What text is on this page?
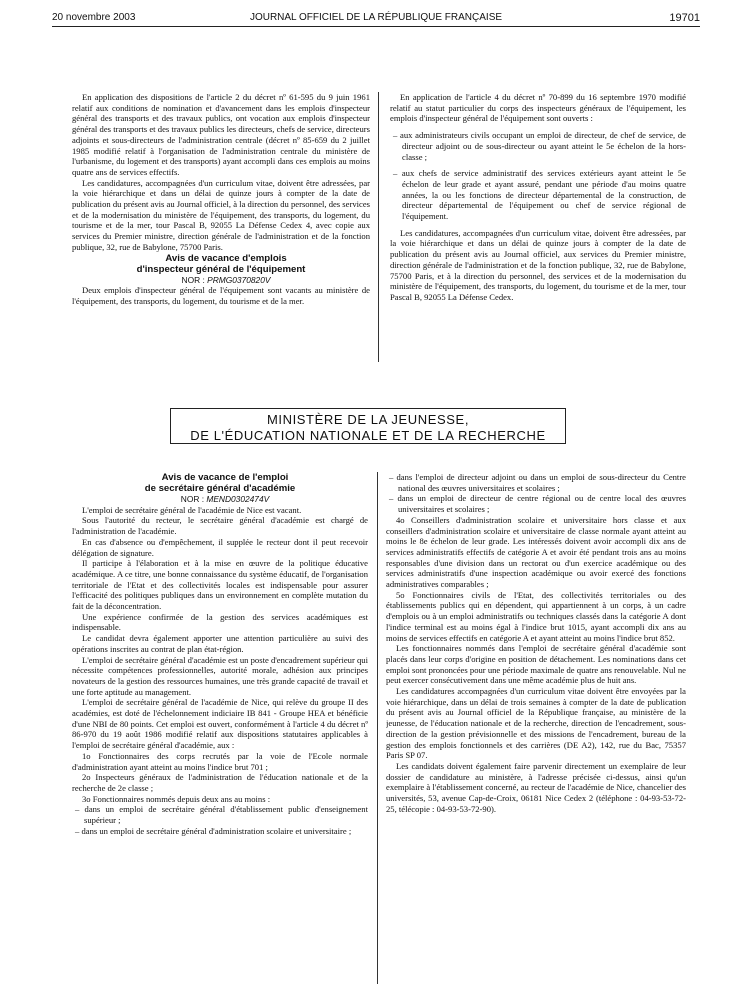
20 novembre 2003	JOURNAL OFFICIEL DE LA RÉPUBLIQUE FRANÇAISE	19701

En application des dispositions de l'article 2 du décret nº 61-595 du 9 juin 1961 relatif aux conditions de nomination et d'avancement dans les emplois d'inspecteur général des transports et des travaux publics, ont vocation aux emplois d'inspecteur général des transports et des travaux publics les directeurs, chefs de service, directeurs adjoints et sous-directeurs de l'administration centrale (décret nº 85-659 du 2 juillet 1985 modifié relatif à l'organisation de l'administration centrale du ministère de l'urbanisme, du logement et des transports) ayant accompli dans ces emplois au moins quatre ans de services effectifs.

Les candidatures, accompagnées d'un curriculum vitae, doivent être adressées, par la voie hiérarchique et dans un délai de quinze jours à compter de la date de publication du présent avis au Journal officiel, à la direction du personnel, des services et de la modernisation du ministère de l'équipement, des transports, du logement, du tourisme et de la mer, tour Pascal B, 92055 La Défense Cedex 4, avec copie aux services du Premier ministre, direction générale de l'administration et de la fonction publique, 32, rue de Babylone, 75700 Paris.

Avis de vacance d'emplois
d'inspecteur général de l'équipement

NOR : PRMG0370820V

Deux emplois d'inspecteur général de l'équipement sont vacants au ministère de l'équipement, des transports, du logement, du tourisme et de la mer.

En application de l'article 4 du décret nº 70-899 du 16 septembre 1970 modifié relatif au statut particulier du corps des inspecteurs généraux de l'équipement, les emplois d'inspecteur général de l'équipement sont ouverts :

– aux administrateurs civils occupant un emploi de directeur, de chef de service, de directeur adjoint ou de sous-directeur ou ayant atteint le 5e échelon de la hors-classe ;
– aux chefs de service administratif des services extérieurs ayant atteint le 5e échelon de leur grade et ayant assuré, pendant une période d'au moins quatre années, la ou les fonctions de directeur départemental de la construction, de directeur départemental de l'équipement ou chef de service régional de l'équipement.

Les candidatures, accompagnées d'un curriculum vitae, doivent être adressées, par la voie hiérarchique et dans un délai de quinze jours à compter de la date de publication du présent avis au Journal officiel, aux services du Premier ministre, direction générale de l'administration et de la fonction publique, 32, rue de Babylone, 75700 Paris, et à la direction du personnel, des services et de la modernisation du ministère de l'équipement, des transports, du logement, du tourisme et de la mer, tour Pascal B, 92055 La Défense Cedex.

MINISTÈRE DE LA JEUNESSE,
DE L'ÉDUCATION NATIONALE ET DE LA RECHERCHE

Avis de vacance de l'emploi
de secrétaire général d'académie

NOR : MEND0302474V

L'emploi de secrétaire général de l'académie de Nice est vacant.

Sous l'autorité du recteur, le secrétaire général d'académie est chargé de l'administration de l'académie.

En cas d'absence ou d'empêchement, il supplée le recteur dont il peut recevoir délégation de signature.

Il participe à l'élaboration et à la mise en œuvre de la politique éducative académique. A ce titre, une bonne connaissance du système éducatif, de l'organisation territoriale de l'Etat et des collectivités locales est indispensable pour assurer l'efficacité des politiques publiques dans un environnement en complète mutation du fait de la déconcentration.

Une expérience confirmée de la gestion des services académiques est indispensable.

Le candidat devra également apporter une attention particulière au suivi des opérations inscrites au contrat de plan état-région.

L'emploi de secrétaire général d'académie est un poste d'encadrement supérieur qui nécessite compétences professionnelles, autorité morale, adhésion aux principes novateurs de la gestion des ressources humaines, une très grande capacité de travail et une forte aptitude au management.

L'emploi de secrétaire général de l'académie de Nice, qui relève du groupe II des académies, est doté de l'échelonnement indiciaire IB 841 - Groupe HEA et bénéficie d'une NBI de 80 points. Cet emploi est ouvert, conformément à l'article 4 du décret nº 86-970 du 19 août 1986 modifié relatif aux dispositions statutaires applicables à l'emploi de secrétaire général d'académie, aux :

1o Fonctionnaires des corps recrutés par la voie de l'Ecole normale d'administration ayant atteint au moins l'indice brut 701 ;

2o Inspecteurs généraux de l'administration de l'éducation nationale et de la recherche de 2e classe ;

3o Fonctionnaires nommés depuis deux ans au moins :

– dans un emploi de secrétaire général d'établissement public d'enseignement supérieur ;
– dans un emploi de secrétaire général d'administration scolaire et universitaire ;
– dans l'emploi de directeur adjoint ou dans un emploi de sous-directeur du Centre national des œuvres universitaires et scolaires ;
– dans un emploi de directeur de centre régional ou de centre local des œuvres universitaires et scolaires ;

4o Conseillers d'administration scolaire et universitaire hors classe et aux conseillers d'administration scolaire et universitaire de classe normale ayant atteint au moins le 8e échelon de leur grade. Les intéressés doivent avoir accompli dix ans de services administratifs effectifs de catégorie A et avoir été pendant trois ans au moins responsables d'une division dans un rectorat ou d'un exercice académique ou des services administratifs d'une inspection académique ou avoir exercé des fonctions administratives comparables ;

5o Fonctionnaires civils de l'Etat, des collectivités territoriales ou des établissements publics qui en dépendent, qui appartiennent à un corps, à un cadre d'emplois ou à un emploi administratifs ou techniques classés dans la catégorie A dont l'indice terminal est au moins égal à l'indice brut 1015, ayant accompli dix ans au moins de services effectifs en catégorie A et ayant atteint au moins l'indice brut 852.

Les fonctionnaires nommés dans l'emploi de secrétaire général d'académie sont placés dans leur corps d'origine en position de détachement. Les nominations dans cet emploi sont prononcées pour une période maximale de quatre ans renouvelable. Nul ne peut exercer consécutivement dans une même académie plus de huit ans.

Les candidatures accompagnées d'un curriculum vitae doivent être envoyées par la voie hiérarchique, dans un délai de trois semaines à compter de la date de publication du présent avis au Journal officiel de la République française, au ministère de la jeunesse, de l'éducation nationale et de la recherche, direction de l'encadrement, sous-direction de la gestion prévisionnelle et des missions de l'encadrement, bureau de la gestion des emplois fonctionnels et des carrières (DE A2), 142, rue du Bac, 75357 Paris SP 07.

Les candidats doivent également faire parvenir directement un exemplaire de leur dossier de candidature au ministère, à l'adresse précisée ci-dessus, ainsi qu'un exemplaire à l'établissement concerné, au recteur de l'académie de Nice, chancelier des universités, 53, avenue Cap-de-Croix, 06181 Nice Cedex 2 (téléphone : 04-93-53-72-25, télécopie : 04-93-53-72-90).
